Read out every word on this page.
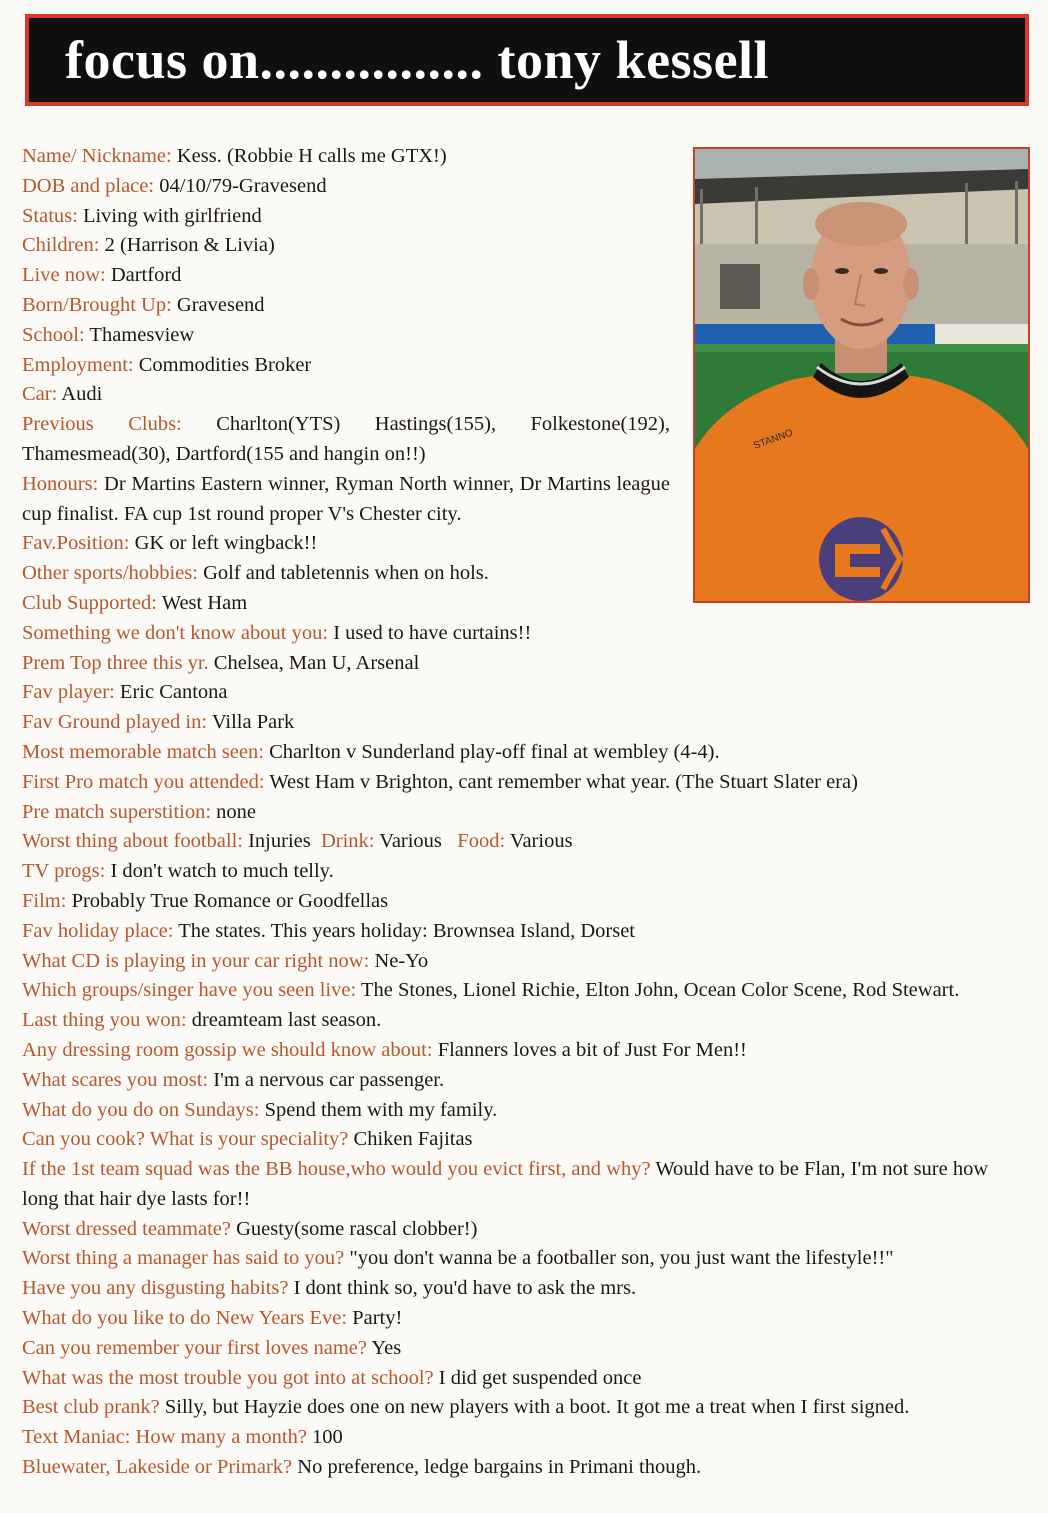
focus on................ tony kessell
STANNO

Name/ Nickname: Kess. (Robbie H calls me GTX!)

DOB and place: 04/10/79-Gravesend

Status: Living with girlfriend

Children: 2 (Harrison & Livia)

Live now: Dartford

Born/Brought Up: Gravesend

School: Thamesview

Employment: Commodities Broker

Car: Audi

Previous Clubs: Charlton(YTS) Hastings(155), Folkestone(192), Thamesmead(30), Dartford(155 and hangin on!!)

Honours: Dr Martins Eastern winner, Ryman North winner, Dr Martins league cup finalist. FA cup 1st round proper V's Chester city.

Fav.Position: GK or left wingback!!

Other sports/hobbies: Golf and tabletennis when on hols.

Club Supported: West Ham

Something we don't know about you: I used to have curtains!!

Prem Top three this yr. Chelsea, Man U, Arsenal

Fav player: Eric Cantona

Fav Ground played in: Villa Park

Most memorable match seen: Charlton v Sunderland play-off final at wembley (4-4).

First Pro match you attended: West Ham v Brighton, cant remember what year. (The Stuart Slater era)

Pre match superstition: none

Worst thing about football: Injuries Drink: Various Food: Various

TV progs: I don't watch to much telly.

Film: Probably True Romance or Goodfellas

Fav holiday place: The states. This years holiday: Brownsea Island, Dorset

What CD is playing in your car right now: Ne-Yo

Which groups/singer have you seen live: The Stones, Lionel Richie, Elton John, Ocean Color Scene, Rod Stewart.

Last thing you won: dreamteam last season.

Any dressing room gossip we should know about: Flanners loves a bit of Just For Men!!

What scares you most: I'm a nervous car passenger.

What do you do on Sundays: Spend them with my family.

Can you cook? What is your speciality? Chiken Fajitas

If the 1st team squad was the BB house,who would you evict first, and why? Would have to be Flan, I'm not sure how long that hair dye lasts for!!

Worst dressed teammate? Guesty(some rascal clobber!)

Worst thing a manager has said to you? "you don't wanna be a footballer son, you just want the lifestyle!!"

Have you any disgusting habits? I dont think so, you'd have to ask the mrs.

What do you like to do New Years Eve: Party!

Can you remember your first loves name? Yes

What was the most trouble you got into at school? I did get suspended once

Best club prank? Silly, but Hayzie does one on new players with a boot. It got me a treat when I first signed.

Text Maniac: How many a month? 100

Bluewater, Lakeside or Primark? No preference, ledge bargains in Primani though.
